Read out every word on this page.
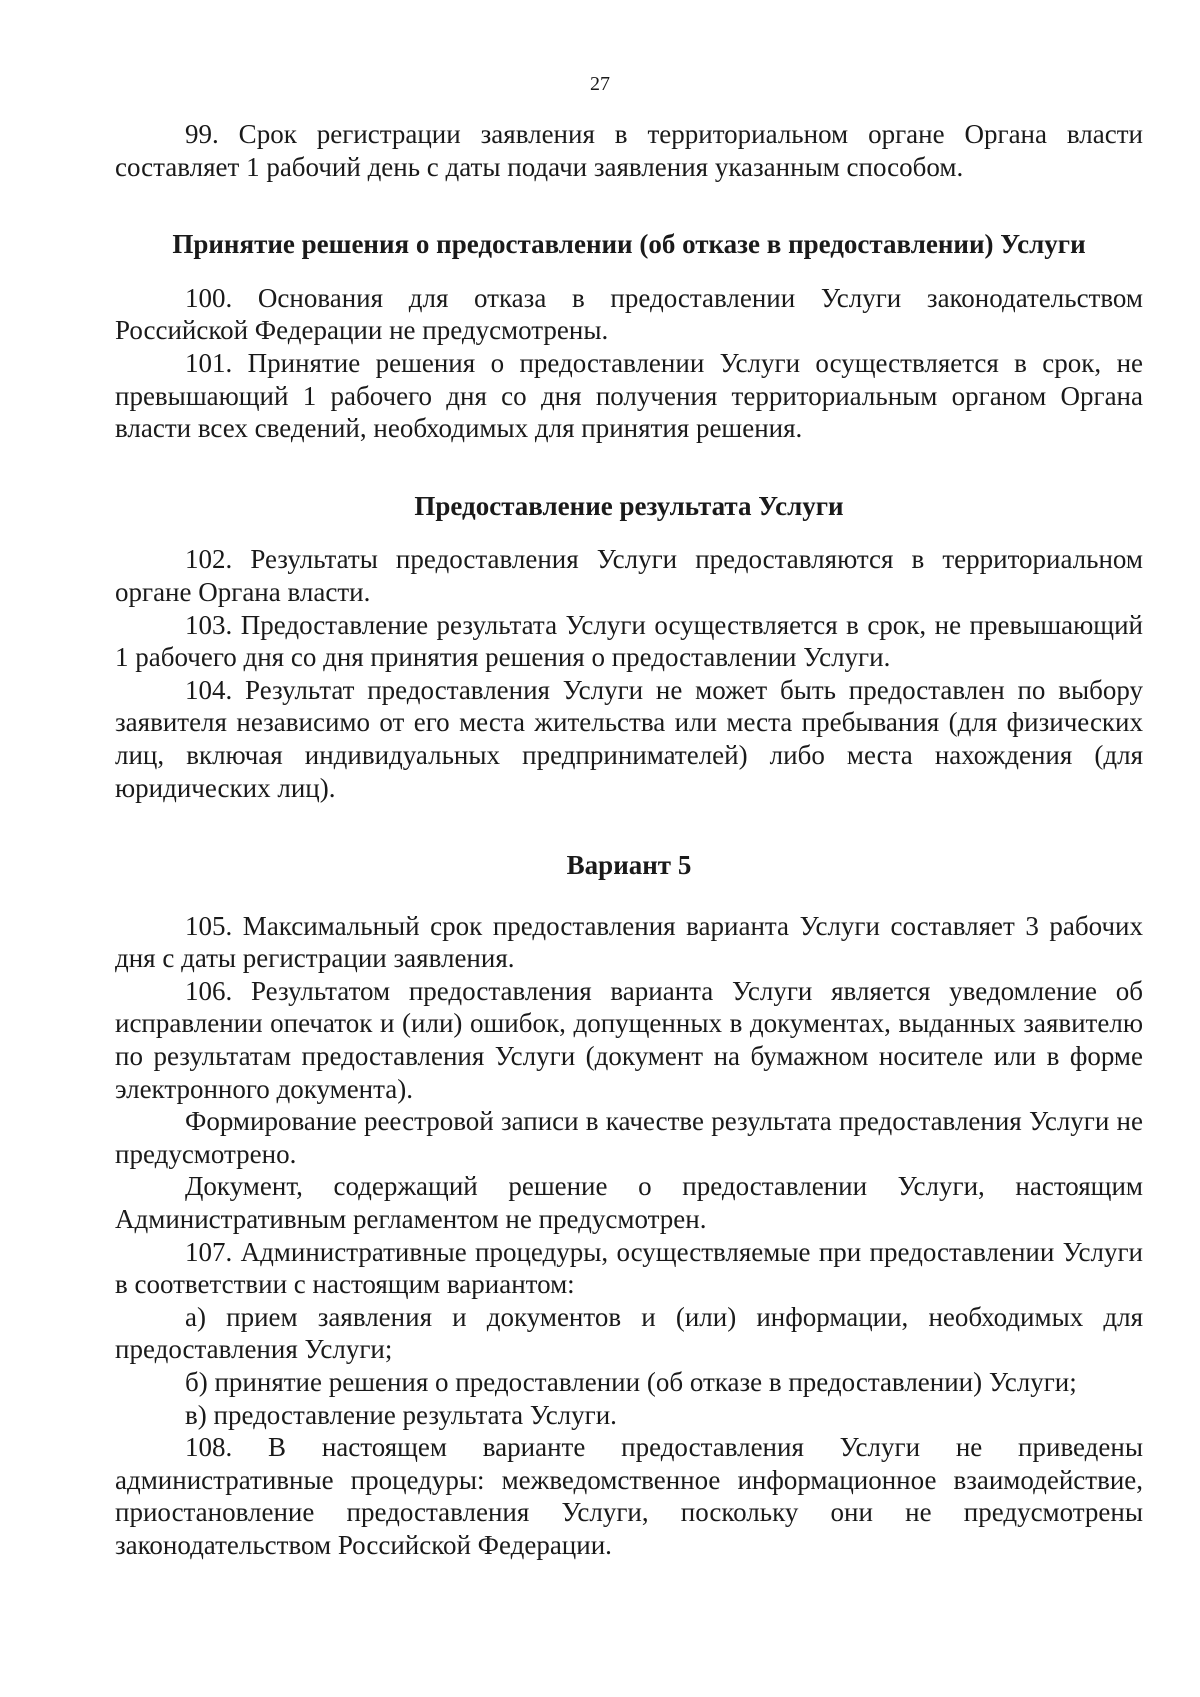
27

99. Срок регистрации заявления в территориальном органе Органа власти составляет 1 рабочий день с даты подачи заявления указанным способом.

Принятие решения о предоставлении (об отказе в предоставлении) Услуги

100. Основания для отказа в предоставлении Услуги законодательством Российской Федерации не предусмотрены.

101. Принятие решения о предоставлении Услуги осуществляется в срок, не превышающий 1 рабочего дня со дня получения территориальным органом Органа власти всех сведений, необходимых для принятия решения.

Предоставление результата Услуги

102. Результаты предоставления Услуги предоставляются в территориальном органе Органа власти.

103. Предоставление результата Услуги осуществляется в срок, не превышающий 1 рабочего дня со дня принятия решения о предоставлении Услуги.

104. Результат предоставления Услуги не может быть предоставлен по выбору заявителя независимо от его места жительства или места пребывания (для физических лиц, включая индивидуальных предпринимателей) либо места нахождения (для юридических лиц).

Вариант 5

105. Максимальный срок предоставления варианта Услуги составляет 3 рабочих дня с даты регистрации заявления.

106. Результатом предоставления варианта Услуги является уведомление об исправлении опечаток и (или) ошибок, допущенных в документах, выданных заявителю по результатам предоставления Услуги (документ на бумажном носителе или в форме электронного документа).

Формирование реестровой записи в качестве результата предоставления Услуги не предусмотрено.

Документ, содержащий решение о предоставлении Услуги, настоящим Административным регламентом не предусмотрен.

107. Административные процедуры, осуществляемые при предоставлении Услуги в соответствии с настоящим вариантом:

а) прием заявления и документов и (или) информации, необходимых для предоставления Услуги;

б) принятие решения о предоставлении (об отказе в предоставлении) Услуги;

в) предоставление результата Услуги.

108. В настоящем варианте предоставления Услуги не приведены административные процедуры: межведомственное информационное взаимодействие, приостановление предоставления Услуги, поскольку они не предусмотрены законодательством Российской Федерации.
